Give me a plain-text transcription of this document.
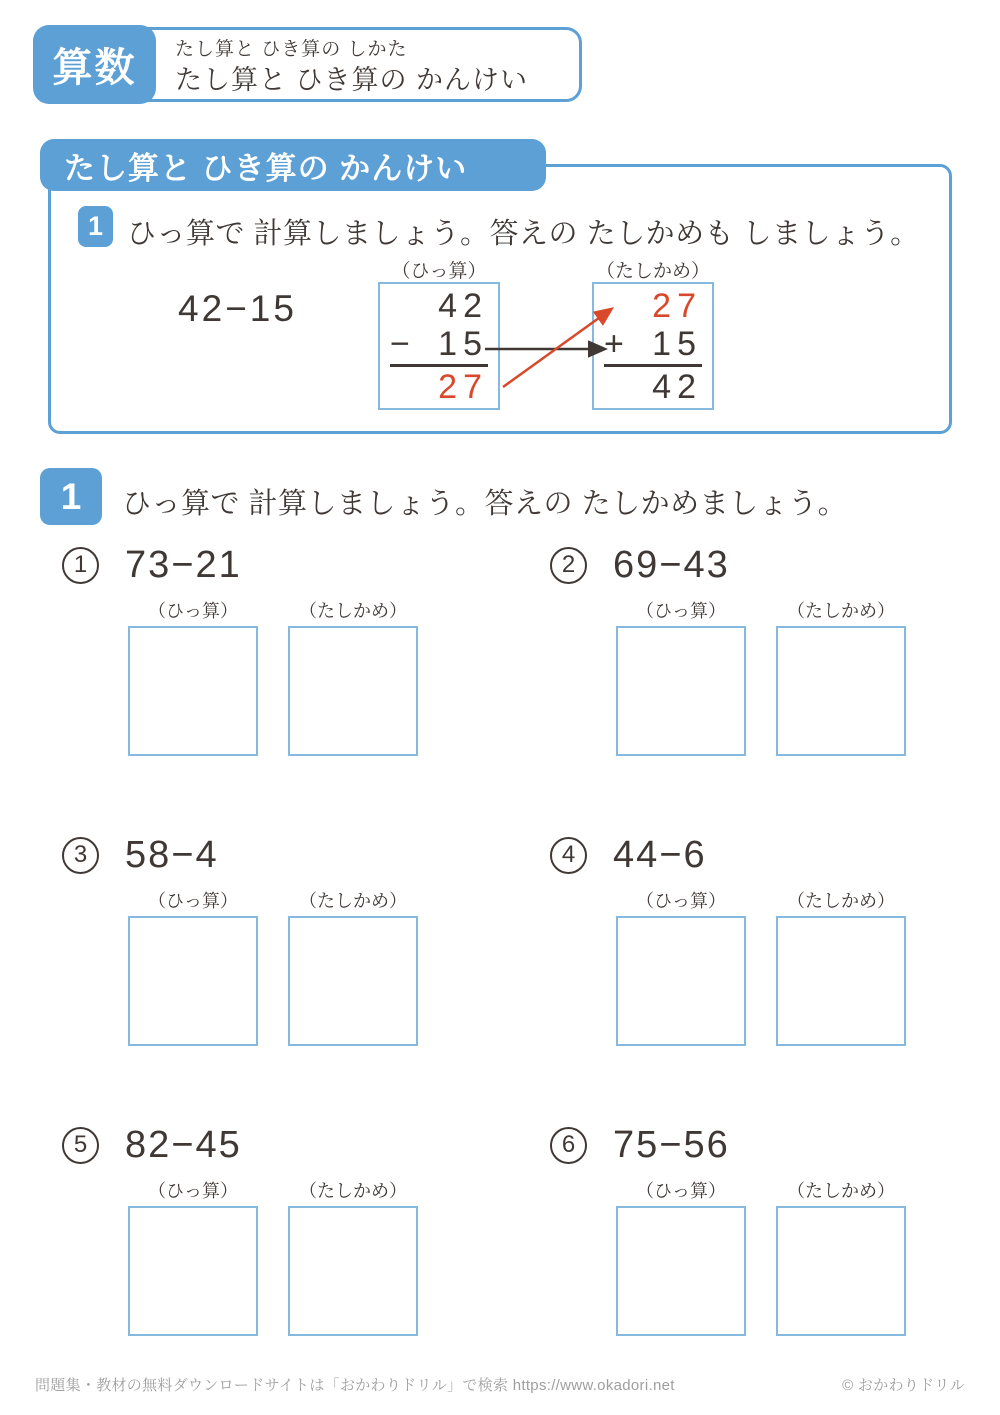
たし算と ひき算の しかた
たし算と ひき算の かんけい
算数
たし算と ひき算の かんけい
1 ひっ算で 計算しましょう。答えの たしかめも しましょう。
42−15
（ひっ算）	（たしかめ）
42
− 15
27
27
+ 15
42
1	ひっ算で 計算しましょう。答えの たしかめましょう。
1 73−21
（ひっ算）	（たしかめ）
2 69−43
（ひっ算）	（たしかめ）
3 58−4
（ひっ算）	（たしかめ）
4 44−6
（ひっ算）	（たしかめ）
5 82−45
（ひっ算）	（たしかめ）
6 75−56
（ひっ算）	（たしかめ）
問題集・教材の無料ダウンロードサイトは「おかわりドリル」で検索 https://www.okadori.net	© おかわりドリル
